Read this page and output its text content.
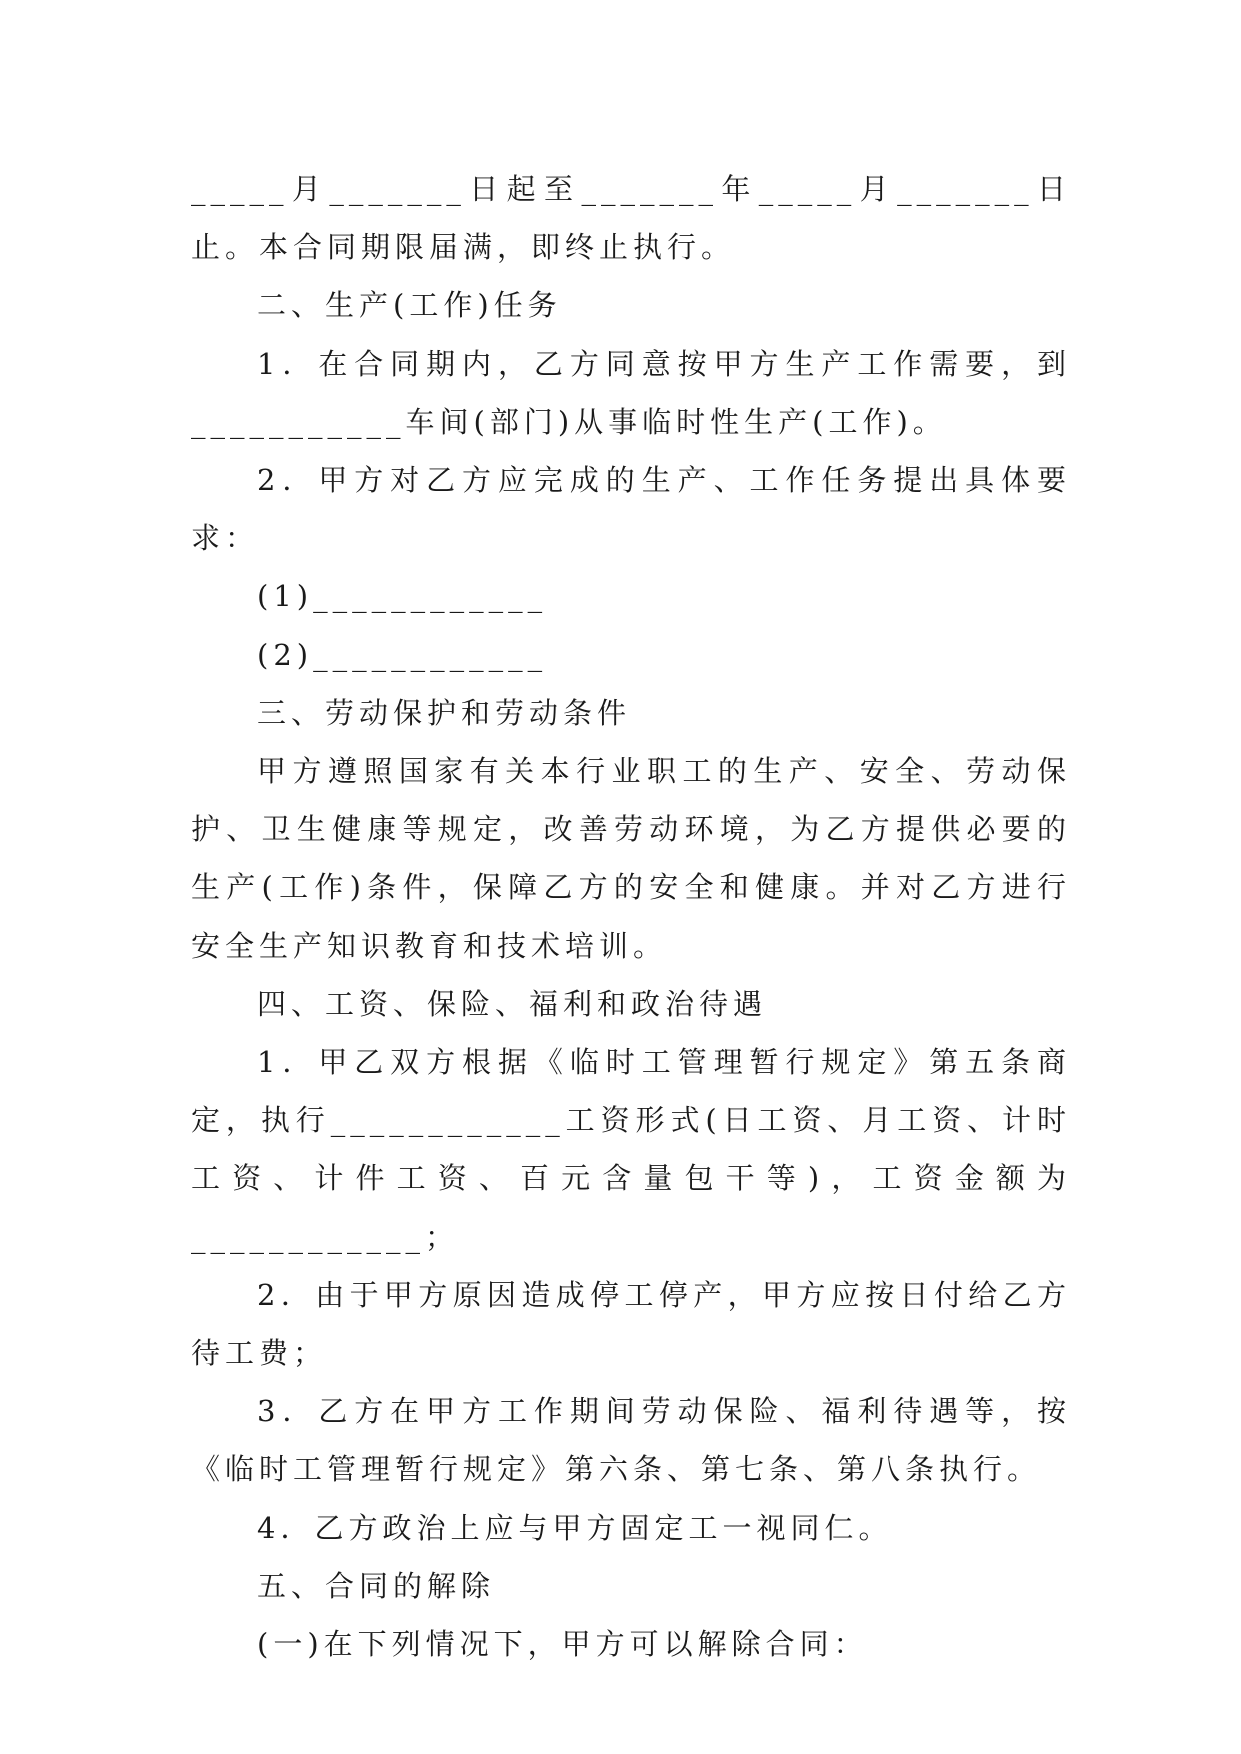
_____月_______日起至_______年_____月_______日止。本合同期限届满，即终止执行。

二、生产(工作)任务

1．在合同期内，乙方同意按甲方生产工作需要，到___________车间(部门)从事临时性生产(工作)。

2．甲方对乙方应完成的生产、工作任务提出具体要求：

(1)____________

(2)____________

三、劳动保护和劳动条件

甲方遵照国家有关本行业职工的生产、安全、劳动保护、卫生健康等规定，改善劳动环境，为乙方提供必要的生产(工作)条件，保障乙方的安全和健康。并对乙方进行安全生产知识教育和技术培训。

四、工资、保险、福利和政治待遇

1．甲乙双方根据《临时工管理暂行规定》第五条商定，执行____________工资形式(日工资、月工资、计时工资、计件工资、百元含量包干等)，工资金额为____________；

2．由于甲方原因造成停工停产，甲方应按日付给乙方待工费；

3．乙方在甲方工作期间劳动保险、福利待遇等，按《临时工管理暂行规定》第六条、第七条、第八条执行。

4．乙方政治上应与甲方固定工一视同仁。

五、合同的解除

(一)在下列情况下，甲方可以解除合同：
